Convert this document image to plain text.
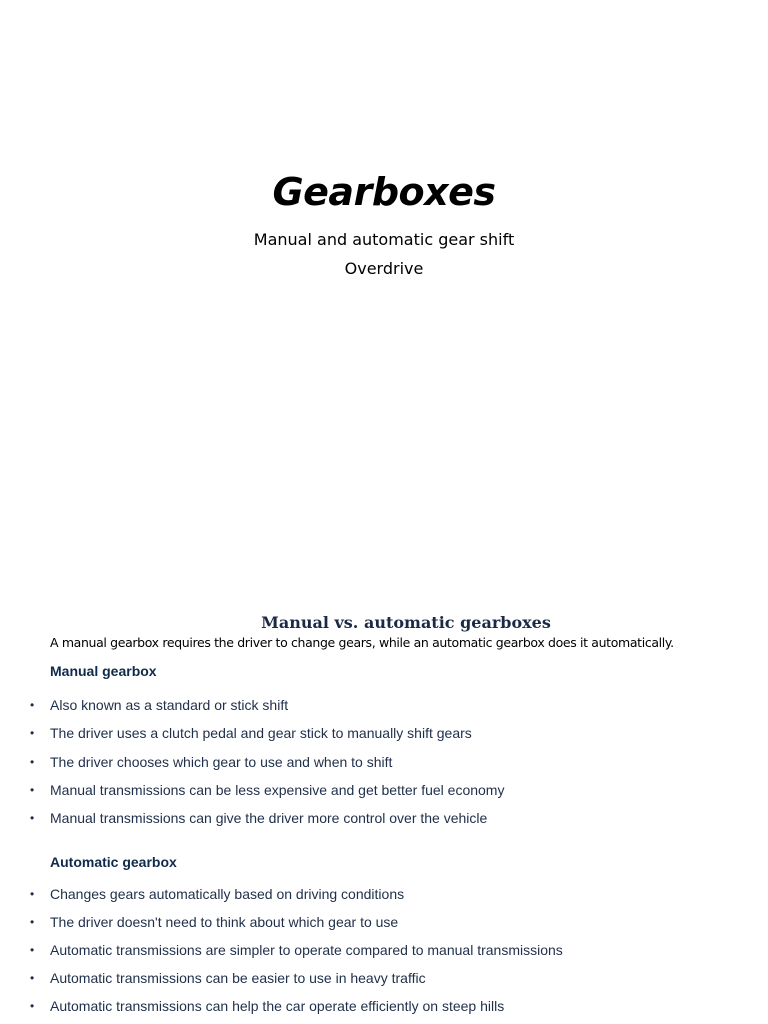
Gearboxes

Manual and automatic gear shift

Overdrive

Manual vs. automatic gearboxes

A manual gearbox requires the driver to change gears, while an automatic gearbox does it automatically.

Manual gearbox
• Also known as a standard or stick shift
• The driver uses a clutch pedal and gear stick to manually shift gears
• The driver chooses which gear to use and when to shift
• Manual transmissions can be less expensive and get better fuel economy
• Manual transmissions can give the driver more control over the vehicle
Automatic gearbox
• Changes gears automatically based on driving conditions
• The driver doesn't need to think about which gear to use
• Automatic transmissions are simpler to operate compared to manual transmissions
• Automatic transmissions can be easier to use in heavy traffic
• Automatic transmissions can help the car operate efficiently on steep hills
